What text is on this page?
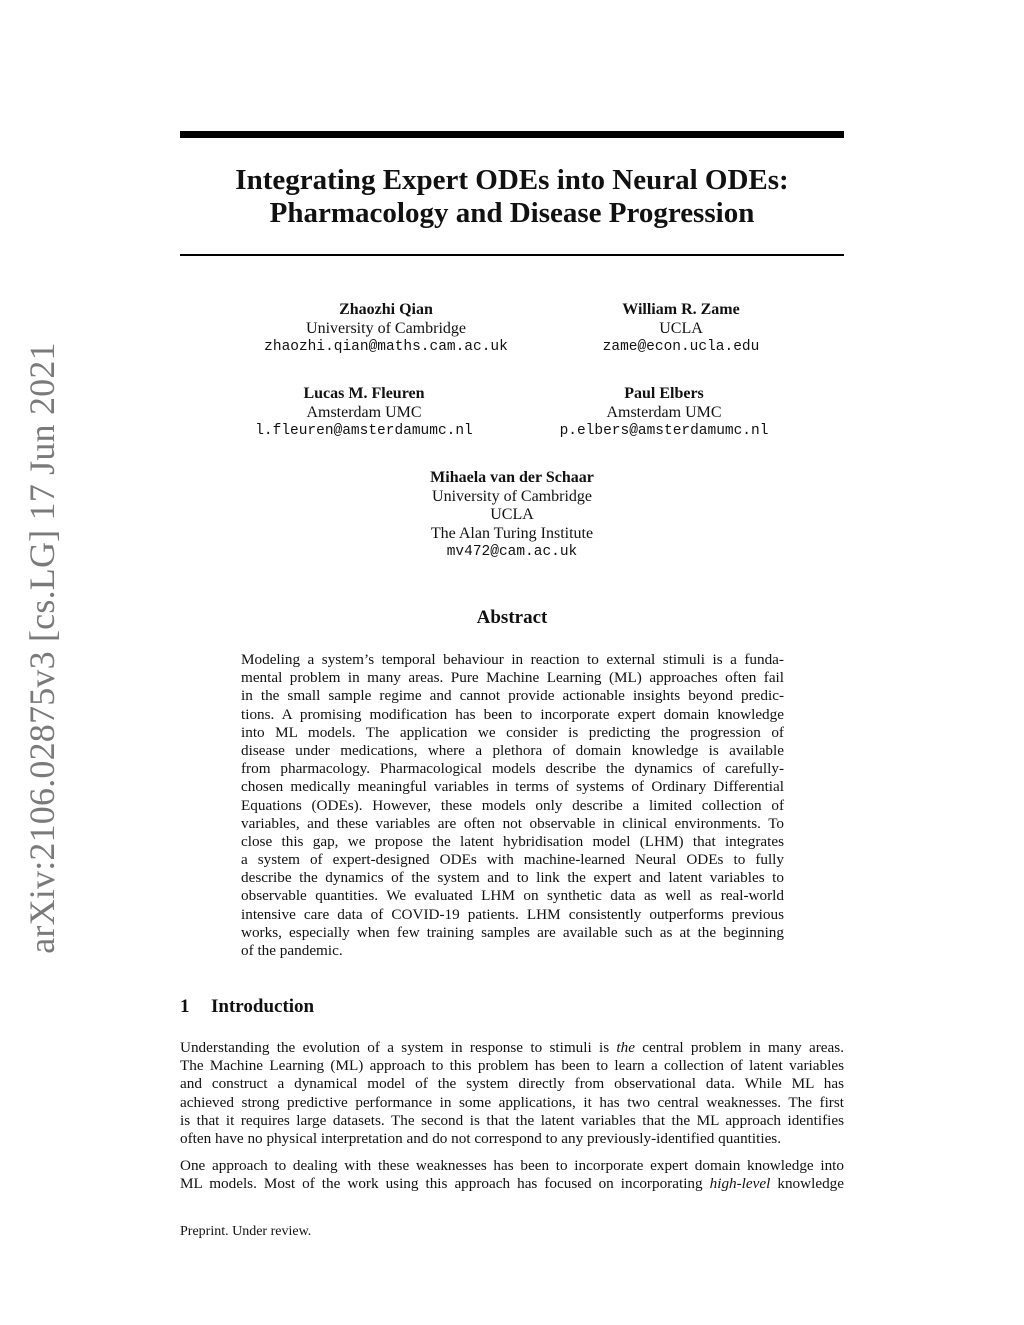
arXiv:2106.02875v3 [cs.LG] 17 Jun 2021
Integrating Expert ODEs into Neural ODEs:
Pharmacology and Disease Progression
Zhaozhi Qian
University of Cambridge
zhaozhi.qian@maths.cam.ac.uk
William R. Zame
UCLA
zame@econ.ucla.edu
Lucas M. Fleuren
Amsterdam UMC
l.fleuren@amsterdamumc.nl
Paul Elbers
Amsterdam UMC
p.elbers@amsterdamumc.nl
Mihaela van der Schaar
University of Cambridge
UCLA
The Alan Turing Institute
mv472@cam.ac.uk
Abstract
Modeling a system’s temporal behaviour in reaction to external stimuli is a funda-
mental problem in many areas. Pure Machine Learning (ML) approaches often fail
in the small sample regime and cannot provide actionable insights beyond predic-
tions. A promising modification has been to incorporate expert domain knowledge
into ML models. The application we consider is predicting the progression of
disease under medications, where a plethora of domain knowledge is available
from pharmacology. Pharmacological models describe the dynamics of carefully-
chosen medically meaningful variables in terms of systems of Ordinary Differential
Equations (ODEs). However, these models only describe a limited collection of
variables, and these variables are often not observable in clinical environments. To
close this gap, we propose the latent hybridisation model (LHM) that integrates
a system of expert-designed ODEs with machine-learned Neural ODEs to fully
describe the dynamics of the system and to link the expert and latent variables to
observable quantities. We evaluated LHM on synthetic data as well as real-world
intensive care data of COVID-19 patients. LHM consistently outperforms previous
works, especially when few training samples are available such as at the beginning
of the pandemic.
1 Introduction
Understanding the evolution of a system in response to stimuli is the central problem in many areas.
The Machine Learning (ML) approach to this problem has been to learn a collection of latent variables
and construct a dynamical model of the system directly from observational data. While ML has
achieved strong predictive performance in some applications, it has two central weaknesses. The first
is that it requires large datasets. The second is that the latent variables that the ML approach identifies
often have no physical interpretation and do not correspond to any previously-identified quantities.
One approach to dealing with these weaknesses has been to incorporate expert domain knowledge into
ML models. Most of the work using this approach has focused on incorporating high-level knowledge
Preprint. Under review.
